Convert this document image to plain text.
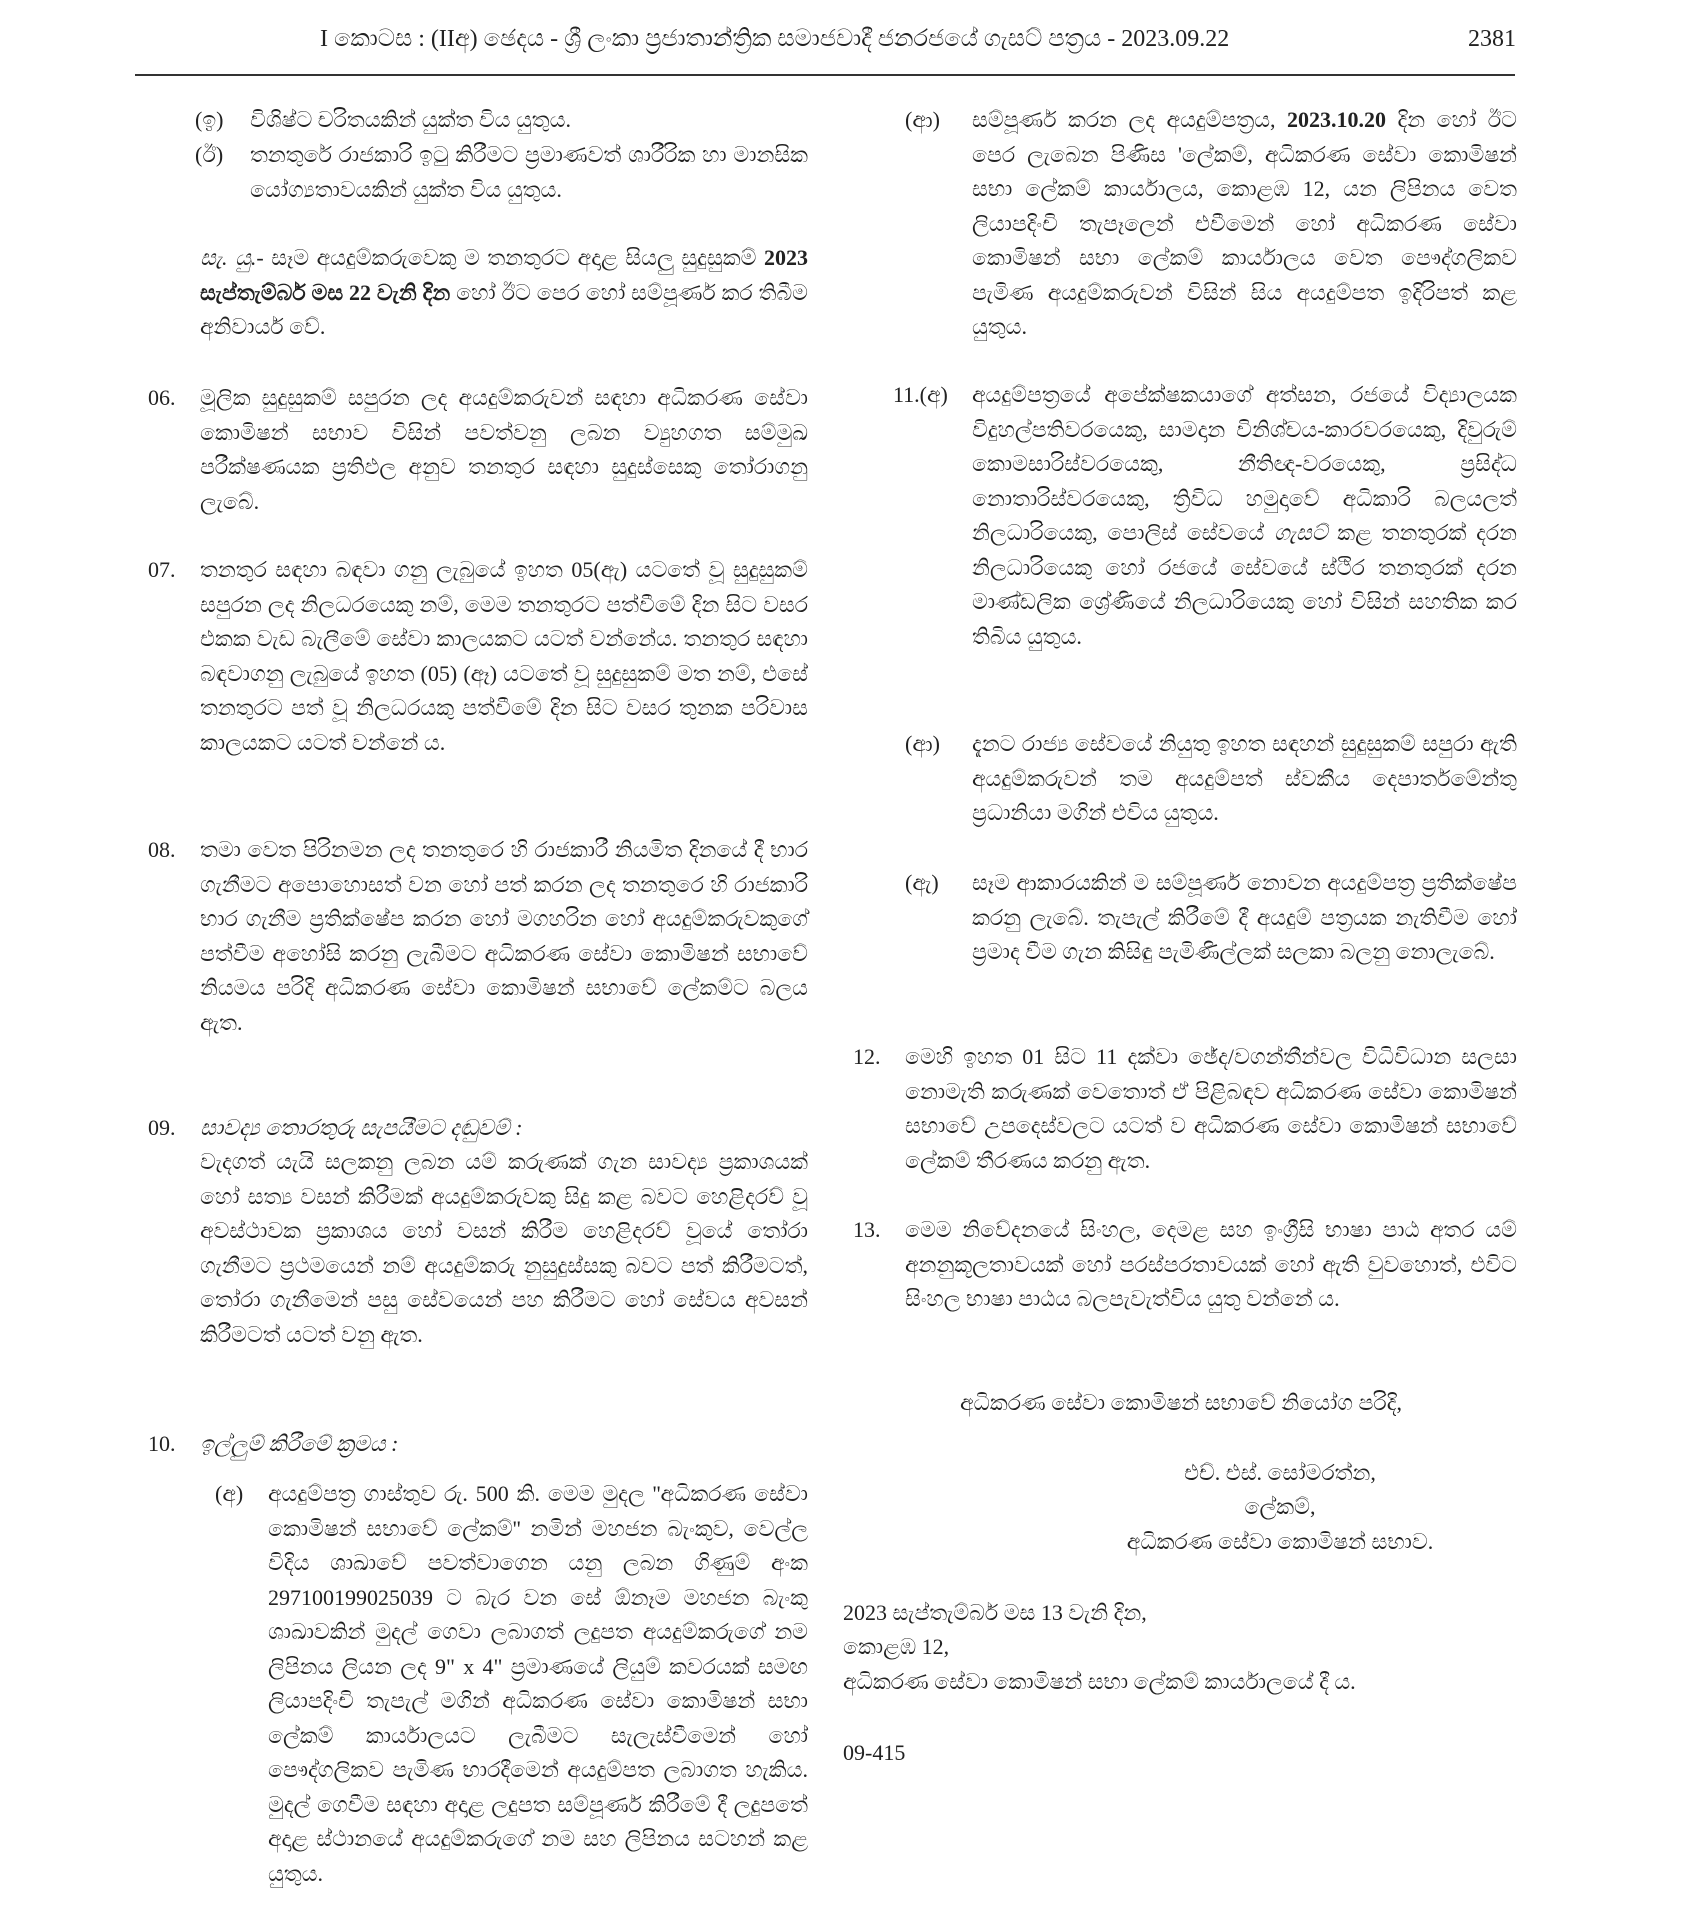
I කොටස : (IIඅ) ඡෙදය - ශ්‍රී ලංකා ප්‍රජාතාන්ත්‍රික සමාජවාදී ජනරජයේ ගැසට් පත්‍රය - 2023.09.22	2381
(ඉ) විශිෂ්ට චරිතයකින් යුක්ත විය යුතුය.
(ඊ) තනතුරේ රාජකාරි ඉටු කිරීමට ප්‍රමාණවත් ශාරීරික හා මානසික යෝග්‍යතාවයකින් යුක්ත විය යුතුය.
සැ. යු.- සෑම අයදුම්කරුවෙකු ම තනතුරට අදාළ සියලු සුදුසුකම් 2023 සැප්තැම්බර් මස 22 වැනි දින හෝ ඊට පෙර හෝ සම්පූර්ණ කර තිබීම අනිවාර්ය වේ.
06. මූලික සුදුසුකම් සපුරන ලද අයදුම්කරුවන් සඳහා අධිකරණ සේවා කොමිෂන් සභාව විසින් පවත්වනු ලබන ව්‍යුහගත සම්මුඛ පරීක්ෂණයක ප්‍රතිඵල අනුව තනතුර සඳහා සුදුස්සෙකු තෝරාගනු ලැබේ.
07. තනතුර සඳහා බඳවා ගනු ලැබුයේ ඉහත 05(ඇ) යටතේ වූ සුදුසුකම් සපුරන ලද නිලධරයෙකු නම්, මෙම තනතුරට පත්වීමේ දින සිට වසර එකක වැඩ බැලීමේ සේවා කාලයකට යටත් වන්නේය. තනතුර සඳහා බඳවාගනු ලැබුයේ ඉහත (05) (ඈ) යටතේ වූ සුදුසුකම් මත නම්, එසේ තනතුරට පත් වූ නිලධරයකු පත්වීමේ දින සිට වසර තුනක පරිවාස කාලයකට යටත් වන්නේ ය.
08. තමා වෙත පිරිනමන ලද තනතුරෙ හි රාජකාරී නියමිත දිනයේ දී භාර ගැනීමට අපොහොසත් වන හෝ පත් කරන ලද තනතුරෙ හි රාජකාරි භාර ගැනීම ප්‍රතික්ෂේප කරන හෝ මගහරින හෝ අයදුම්කරුවකුගේ පත්වීම අහෝසි කරනු ලැබීමට අධිකරණ සේවා කොමිෂන් සභාවේ නියමය පරිදි අධිකරණ සේවා කොමිෂන් සභාවේ ලේකම්ට බලය ඇත.
09. සාවද්‍ය තොරතුරු සැපයීමට දඬුවම් :
වැදගත් යැයි සලකනු ලබන යම් කරුණක් ගැන සාවද්‍ය ප්‍රකාශයක් හෝ සත්‍ය වසන් කිරීමක් අයදුම්කරුවකු සිදු කළ බවට හෙළිදරව් වූ අවස්ථාවක ප්‍රකාශය හෝ වසන් කිරීම හෙළිදරව් වූයේ තෝරා ගැනීමට ප්‍රථමයෙන් නම් අයදුම්කරු නුසුදුස්සකු බවට පත් කිරීමටත්, තෝරා ගැනීමෙන් පසු සේවයෙන් පහ කිරීමට හෝ සේවය අවසන් කිරීමටත් යටත් වනු ඇත.
10. ඉල්ලුම් කිරීමේ ක්‍රමය :
(අ) අයදුම්පත්‍ර ගාස්තුව රු. 500 කි. මෙම මුදල ''අධිකරණ සේවා කොමිෂන් සභාවේ ලේකම්'' නමින් මහජන බැංකුව, වෙල්ල විදිය ශාඛාවේ පවත්වාගෙන යනු ලබන ගිණුම් අංක 297100199025039 ට බැර වන සේ ඕනෑම මහජන බැංකු ශාඛාවකින් මුදල් ගෙවා ලබාගත් ලදුපත අයදුම්කරුගේ නම ලිපිනය ලියන ලද 9" x 4" ප්‍රමාණයේ ලියුම් කවරයක් සමඟ ලියාපදිංචි තැපැල් මගින් අධිකරණ සේවා කොමිෂන් සභා ලේකම් කාර්යාලයට ලැබීමට සැලැස්වීමෙන් හෝ පෞද්ගලිකව පැමිණ භාරදීමෙන් අයදුම්පත ලබාගත හැකිය. මුදල් ගෙවීම සඳහා අදාළ ලදුපත සම්පූර්ණ කිරීමේ දී ලදුපතේ අදාළ ස්ථානයේ අයදුම්කරුගේ නම සහ ලිපිනය සටහන් කළ යුතුය.
(ආ) සම්පූර්ණ කරන ලද අයදුම්පත්‍රය, 2023.10.20 දින හෝ ඊට පෙර ලැබෙන පිණිස 'ලේකම්, අධිකරණ සේවා කොමිෂන් සභා ලේකම් කාර්යාලය, කොළඹ 12, යන ලිපිනය වෙත ලියාපදිංචි තැපෑලෙන් එවීමෙන් හෝ අධිකරණ සේවා කොමිෂන් සභා ලේකම් කාර්යාලය වෙත පෞද්ගලිකව පැමිණ අයදුම්කරුවන් විසින් සිය අයදුම්පත ඉදිරිපත් කළ යුතුය.
11.(අ) අයදුම්පත්‍රයේ අපේක්ෂකයාගේ අත්සන, රජයේ විද්‍යාලයක විදුහල්පතිවරයෙකු, සාමදාන විනිශ්චය-කාරවරයෙකු, දිවුරුම් කොමසාරිස්වරයෙකු, නීතිඥ-වරයෙකු, ප්‍රසිද්ධ නොතාරිස්වරයෙකු, ත්‍රිවිධ හමුදාවේ අධිකාරි බලයලත් නිලධාරියෙකු, පොලිස් සේවයේ ගැසට් කළ තනතුරක් දරන නිලධාරියෙකු හෝ රජයේ සේවයේ ස්ථිර තනතුරක් දරන මාණ්ඩලික ශ්‍රේණියේ නිලධාරියෙකු හෝ විසින් සහතික කර තිබිය යුතුය.
(ආ) දැනට රාජ්‍ය සේවයේ නියුතු ඉහත සඳහන් සුදුසුකම් සපුරා ඇති අයදුම්කරුවන් තම අයදුම්පත් ස්වකීය දෙපාර්තමේන්තු ප්‍රධානියා මගින් එවිය යුතුය.
(ඇ) සෑම ආකාරයකින් ම සම්පූර්ණ නොවන අයදුම්පත්‍ර ප්‍රතික්ෂේප කරනු ලැබේ. තැපැල් කිරීමේ දී අයදුම් පත්‍රයක නැතිවීම හෝ ප්‍රමාද වීම ගැන කිසිඳු පැමිණිල්ලක් සලකා බලනු නොලැබේ.
12. මෙහි ඉහත 01 සිට 11 දක්වා ඡේද/වගන්තීන්වල විධිවිධාන සලසා නොමැති කරුණක් වෙතොත් ඒ පිළිබඳව අධිකරණ සේවා කොමිෂන් සභාවේ උපදෙස්වලට යටත් ව අධිකරණ සේවා කොමිෂන් සභාවේ ලේකම් තීරණය කරනු ඇත.
13. මෙම නිවේදනයේ සිංහල, දෙමළ සහ ඉංග්‍රීසි භාෂා පාඨ අතර යම් අනනුකූලතාවයක් හෝ පරස්පරතාවයක් හෝ ඇති වුවහොත්, එවිට සිංහල භාෂා පාඨය බලපැවැත්විය යුතු වන්නේ ය.
අධිකරණ සේවා කොමිෂන් සභාවේ නියෝග පරිදි,
එච්. එස්. සෝමරත්න,
ලේකම්,
අධිකරණ සේවා කොමිෂන් සභාව.
2023 සැප්තැම්බර් මස 13 වැනි දින,
කොළඹ 12,
අධිකරණ සේවා කොමිෂන් සභා ලේකම් කාර්යාලයේ දී ය.
09-415
